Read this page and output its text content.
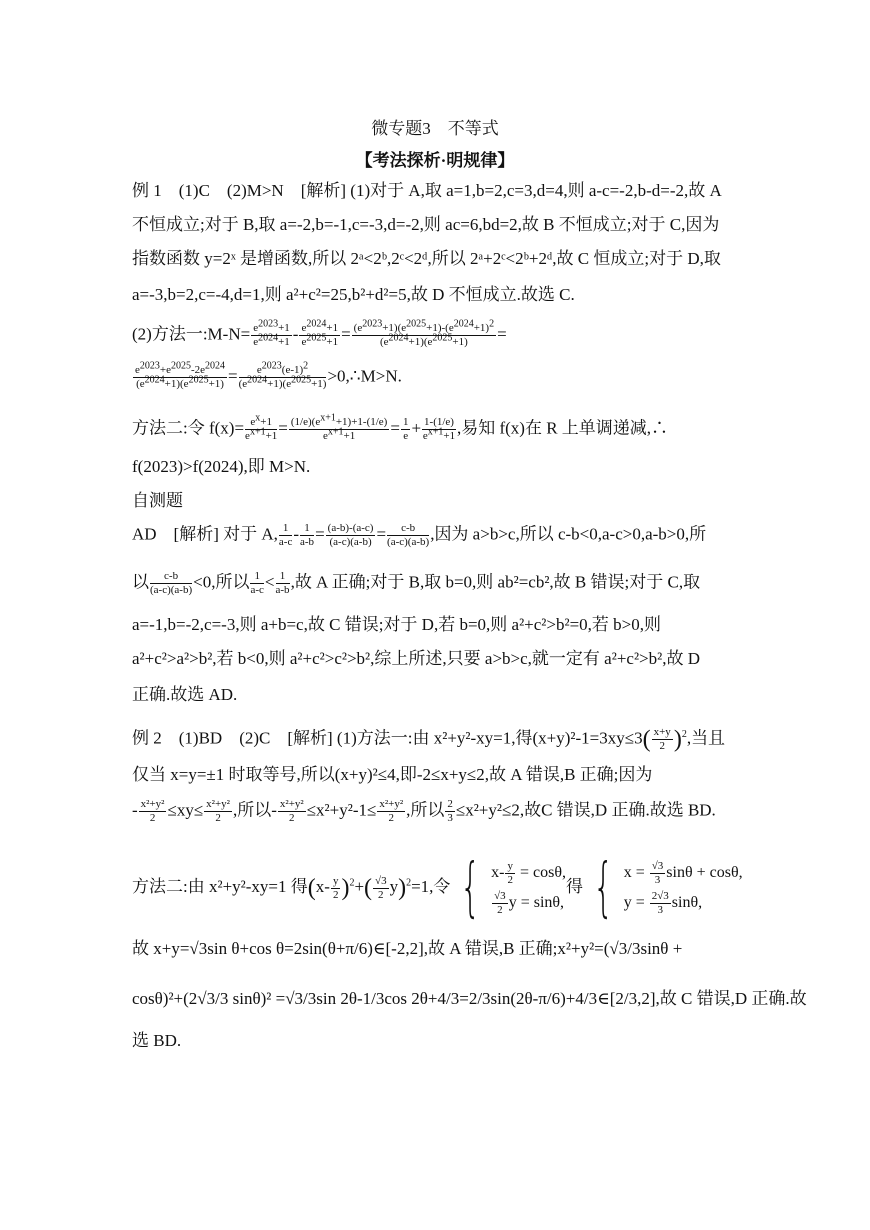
微专题3　不等式
【考法探析·明规律】
例 1　(1)C　(2)M>N　[解析] (1)对于 A,取 a=1,b=2,c=3,d=4,则 a-c=-2,b-d=-2,故 A
不恒成立;对于 B,取 a=-2,b=-1,c=-3,d=-2,则 ac=6,bd=2,故 B 不恒成立;对于 C,因为
指数函数 y=2ˣ 是增函数,所以 2ᵃ<2ᵇ,2ᶜ<2ᵈ,所以 2ᵃ+2ᶜ<2ᵇ+2ᵈ,故 C 恒成立;对于 D,取
a=-3,b=2,c=-4,d=1,则 a²+c²=25,b²+d²=5,故 D 不恒成立.故选 C.
(2)方法一:M-N= $\frac{e^{2023}+1}{e^{2024}+1} - \frac{e^{2024}+1}{e^{2025}+1} = \frac{(e^{2023}+1)(e^{2025}+1)-(e^{2024}+1)^2}{(e^{2024}+1)(e^{2025}+1)}$ =
$\frac{e^{2023}+e^{2025}-2e^{2024}}{(e^{2024}+1)(e^{2025}+1)} = \frac{e^{2023}(e-1)^2}{(e^{2024}+1)(e^{2025}+1)}$ >0,∴M>N.
方法二:令 $f(x)= \frac{e^x+1}{e^{x+1}+1} = \frac{(1/e)(e^{x+1}+1)+1-(1/e)}{e^{x+1}+1} = \frac{1}{e} + \frac{1-(1/e)}{e^{x+1}+1}$ ,易知 f(x)在 R 上单调递减,∴
f(2023)>f(2024),即 M>N.
自测题
AD　[解析] 对于 A, $\frac{1}{a-c} - \frac{1}{a-b} = \frac{(a-b)-(a-c)}{(a-c)(a-b)} = \frac{c-b}{(a-c)(a-b)}$ ,因为 a>b>c,所以 c-b<0,a-c>0,a-b>0,所
以 $\frac{c-b}{(a-c)(a-b)} <0$,所以 $\frac{1}{a-c} < \frac{1}{a-b}$ ,故 A 正确;对于 B,取 b=0,则 ab²=cb²,故 B 错误;对于 C,取
a=-1,b=-2,c=-3,则 a+b=c,故 C 错误;对于 D,若 b=0,则 a²+c²>b²=0,若 b>0,则
a²+c²>a²>b²,若 b<0,则 a²+c²>c²>b²,综上所述,只要 a>b>c,就一定有 a²+c²>b²,故 D
正确.故选 AD.
例 2　(1)BD　(2)C　[解析] (1)方法一:由 x²+y²-xy=1,得$(x+y)^2-1=3xy\le 3( \frac{x+y}{2} )^2$,当且
仅当 x=y=±1 时取等号,所以(x+y)²≤4,即-2≤x+y≤2,故 A 错误,B 正确;因为
- $\frac{\text{x²+y²}}{2} \le xy\le \frac{\text{x²+y²}}{2}$ ,所以- $\frac{\text{x²+y²}}{2} \le x^2+y^2-1\le \frac{\text{x²+y²}}{2}$ ,所以 $\frac{2}{3} \le x^2+y^2\le 2$,故C 错误,D 正确.故选 BD.
方法二:由 x²+y²-xy=1 得$(x- \frac{y}{2} )^2+( \frac{√3}{2} y)^2=1$,令 { $x- \frac{y}{2} = \cos\theta$,
$\frac{√3}{2}$ y = sinθ,
得 { $x = \frac{√3}{3}$ sinθ + cosθ,
$y = \frac{2√3}{3} \sin\theta$,
故 x+y=√3sin θ+cos θ=2sin(θ+π/6)∈[-2,2],故 A 错误,B 正确;x²+y²=(√3/3sinθ +
cosθ)²+(2√3/3 sinθ)² =√3/3sin 2θ-1/3cos 2θ+4/3=2/3sin(2θ-π/6)+4/3∈[2/3,2],故 C 错误,D 正确.故
选 BD.
